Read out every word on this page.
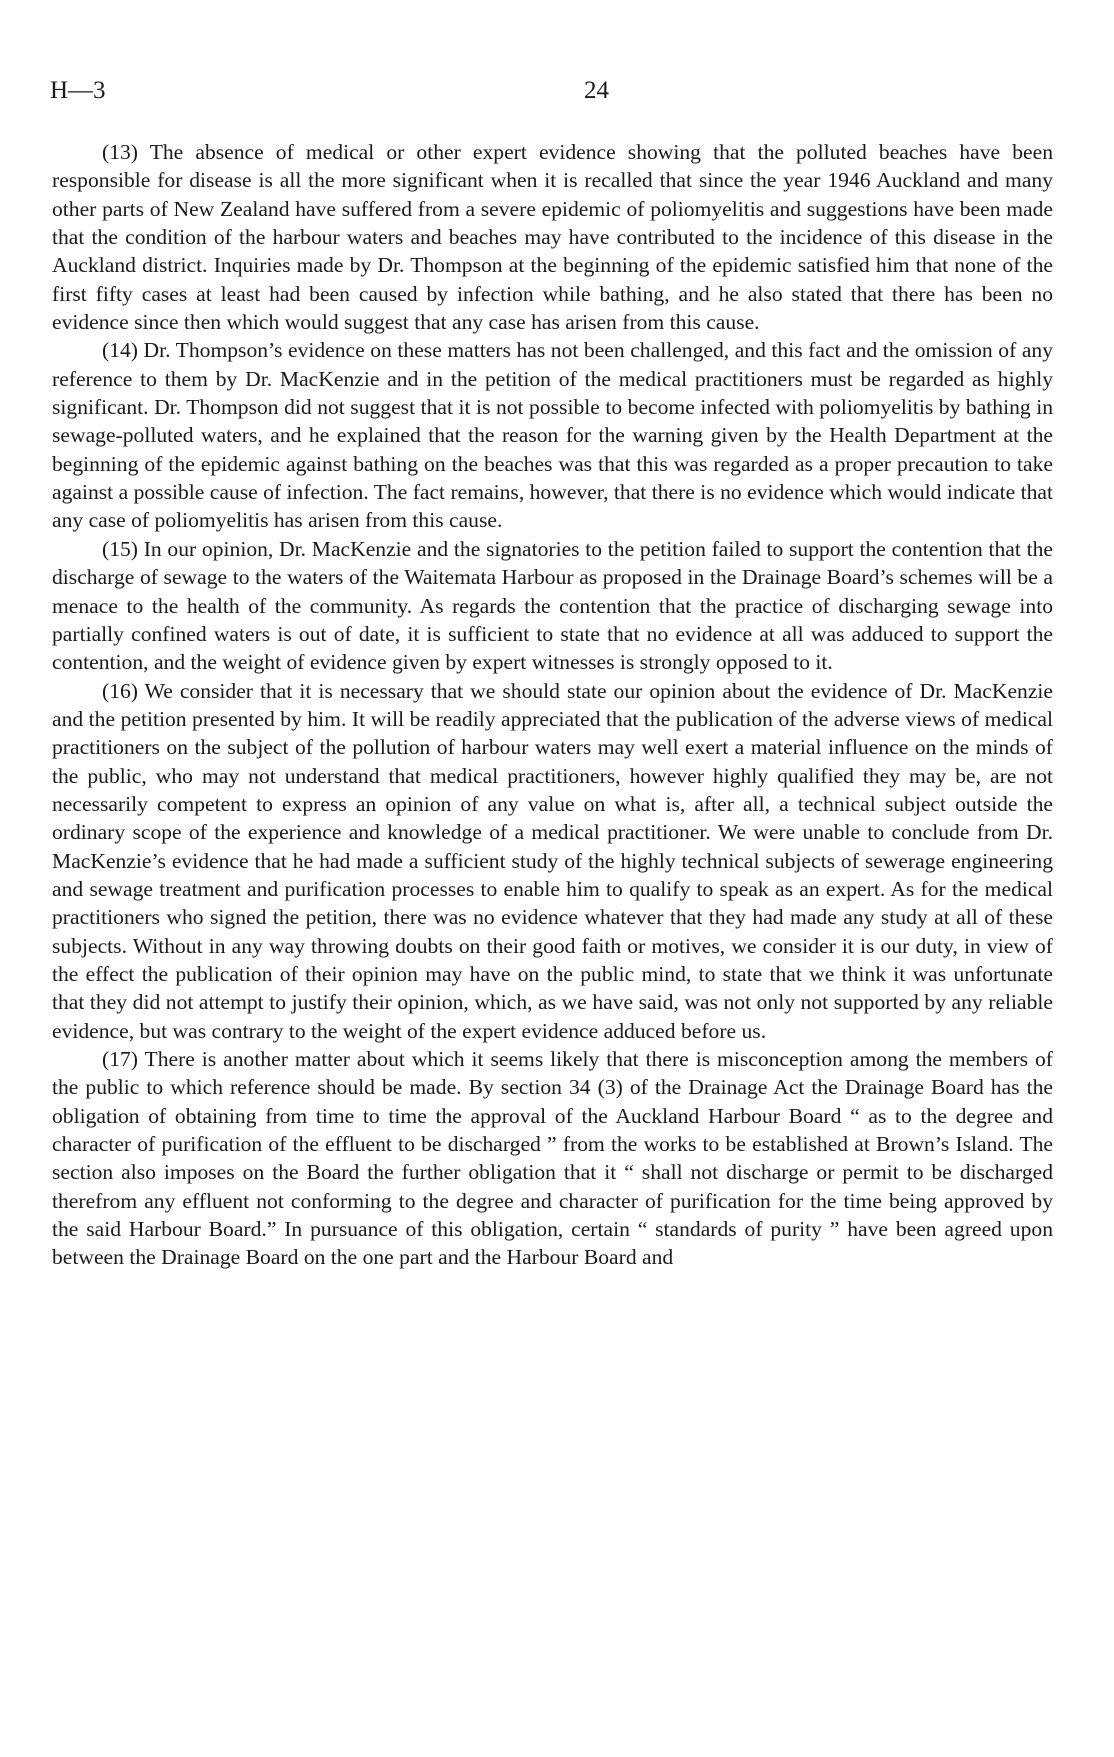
H—3	24

(13) The absence of medical or other expert evidence showing that the polluted beaches have been responsible for disease is all the more significant when it is recalled that since the year 1946 Auckland and many other parts of New Zealand have suffered from a severe epidemic of poliomyelitis and suggestions have been made that the condition of the harbour waters and beaches may have contributed to the incidence of this disease in the Auckland district. Inquiries made by Dr. Thompson at the beginning of the epidemic satisfied him that none of the first fifty cases at least had been caused by infection while bathing, and he also stated that there has been no evidence since then which would suggest that any case has arisen from this cause.

(14) Dr. Thompson’s evidence on these matters has not been challenged, and this fact and the omission of any reference to them by Dr. MacKenzie and in the petition of the medical practitioners must be regarded as highly significant. Dr. Thompson did not suggest that it is not possible to become infected with poliomyelitis by bathing in sewage-polluted waters, and he explained that the reason for the warning given by the Health Department at the beginning of the epidemic against bathing on the beaches was that this was regarded as a proper precaution to take against a possible cause of infection. The fact remains, however, that there is no evidence which would indicate that any case of poliomyelitis has arisen from this cause.

(15) In our opinion, Dr. MacKenzie and the signatories to the petition failed to support the contention that the discharge of sewage to the waters of the Waitemata Harbour as proposed in the Drainage Board’s schemes will be a menace to the health of the community. As regards the contention that the practice of discharging sewage into partially confined waters is out of date, it is sufficient to state that no evidence at all was adduced to support the contention, and the weight of evidence given by expert witnesses is strongly opposed to it.

(16) We consider that it is necessary that we should state our opinion about the evidence of Dr. MacKenzie and the petition presented by him. It will be readily appreciated that the publication of the adverse views of medical practitioners on the subject of the pollution of harbour waters may well exert a material influence on the minds of the public, who may not understand that medical practitioners, however highly qualified they may be, are not necessarily competent to express an opinion of any value on what is, after all, a technical subject outside the ordinary scope of the experience and knowledge of a medical practitioner. We were unable to conclude from Dr. MacKenzie’s evidence that he had made a sufficient study of the highly technical subjects of sewerage engineering and sewage treatment and purification processes to enable him to qualify to speak as an expert. As for the medical practitioners who signed the petition, there was no evidence whatever that they had made any study at all of these subjects. Without in any way throwing doubts on their good faith or motives, we consider it is our duty, in view of the effect the publication of their opinion may have on the public mind, to state that we think it was unfortunate that they did not attempt to justify their opinion, which, as we have said, was not only not supported by any reliable evidence, but was contrary to the weight of the expert evidence adduced before us.

(17) There is another matter about which it seems likely that there is misconception among the members of the public to which reference should be made. By section 34 (3) of the Drainage Act the Drainage Board has the obligation of obtaining from time to time the approval of the Auckland Harbour Board “ as to the degree and character of purification of the effluent to be discharged ” from the works to be established at Brown’s Island. The section also imposes on the Board the further obligation that it “ shall not discharge or permit to be discharged therefrom any effluent not conforming to the degree and character of purification for the time being approved by the said Harbour Board.” In pursuance of this obligation, certain “ standards of purity ” have been agreed upon between the Drainage Board on the one part and the Harbour Board and
